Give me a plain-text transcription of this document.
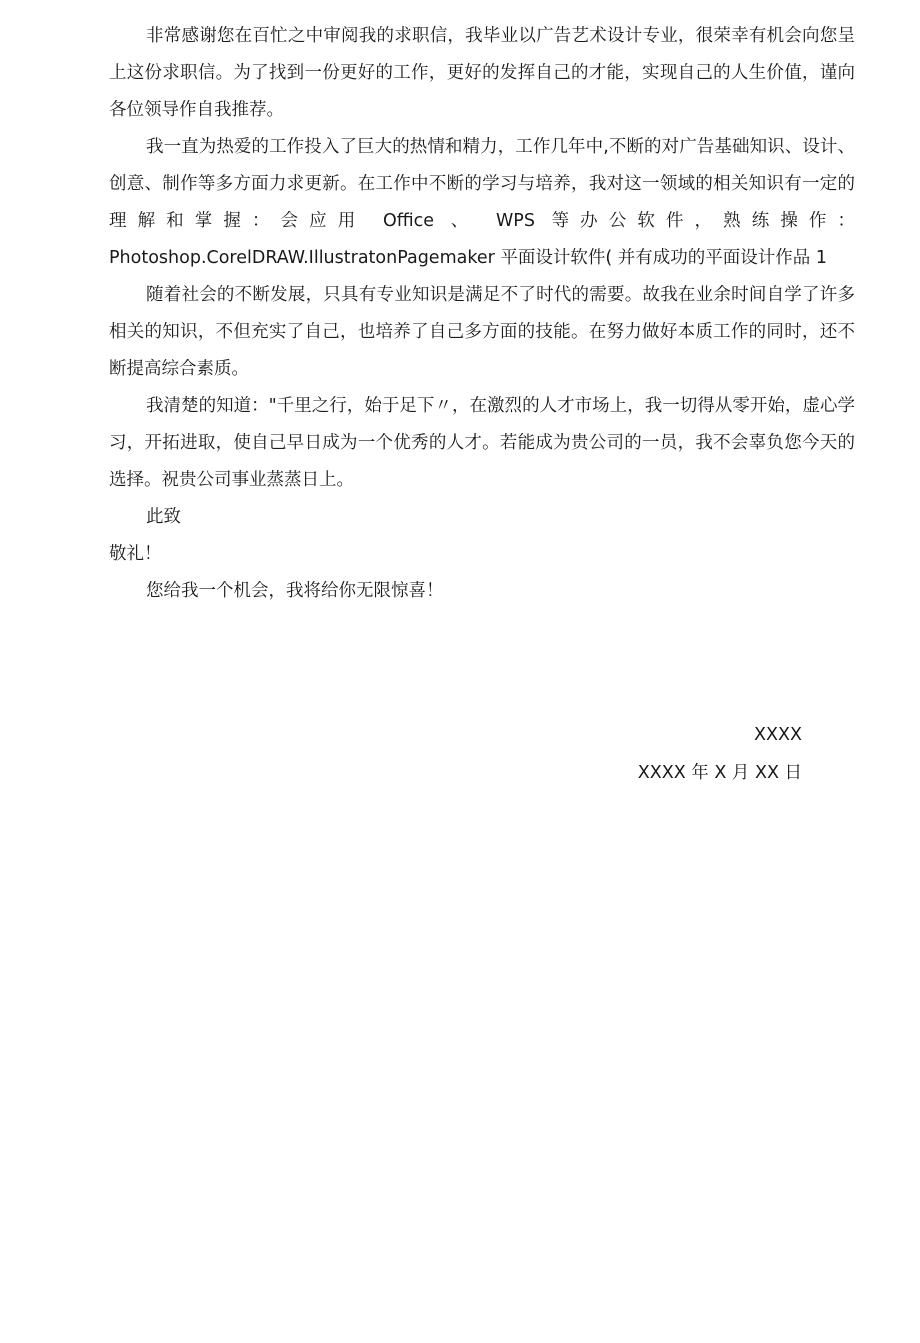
非常感谢您在百忙之中审阅我的求职信，我毕业以广告艺术设计专业，很荣幸有机会向您呈上这份求职信。为了找到一份更好的工作，更好的发挥自己的才能，实现自己的人生价值，谨向各位领导作自我推荐。

我一直为热爱的工作投入了巨大的热情和精力，工作几年中,不断的对广告基础知识、设计、创意、制作等多方面力求更新。在工作中不断的学习与培养，我对这一领域的相关知识有一定的理解和掌握：会应用 Office 、 WPS 等办公软件，熟练操作：

Photoshop.CorelDRAW.IllustratonPagemaker 平面设计软件( 并有成功的平面设计作品 1

随着社会的不断发展，只具有专业知识是满足不了时代的需要。故我在业余时间自学了许多相关的知识，不但充实了自己，也培养了自己多方面的技能。在努力做好本质工作的同时，还不断提高综合素质。

我清楚的知道："千里之行，始于足下〃，在激烈的人才市场上，我一切得从零开始，虚心学习，开拓进取，使自己早日成为一个优秀的人才。若能成为贵公司的一员，我不会辜负您今天的选择。祝贵公司事业蒸蒸日上。

此致

敬礼！

您给我一个机会，我将给你无限惊喜！

XXXX
XXXX 年 X 月 XX 日
